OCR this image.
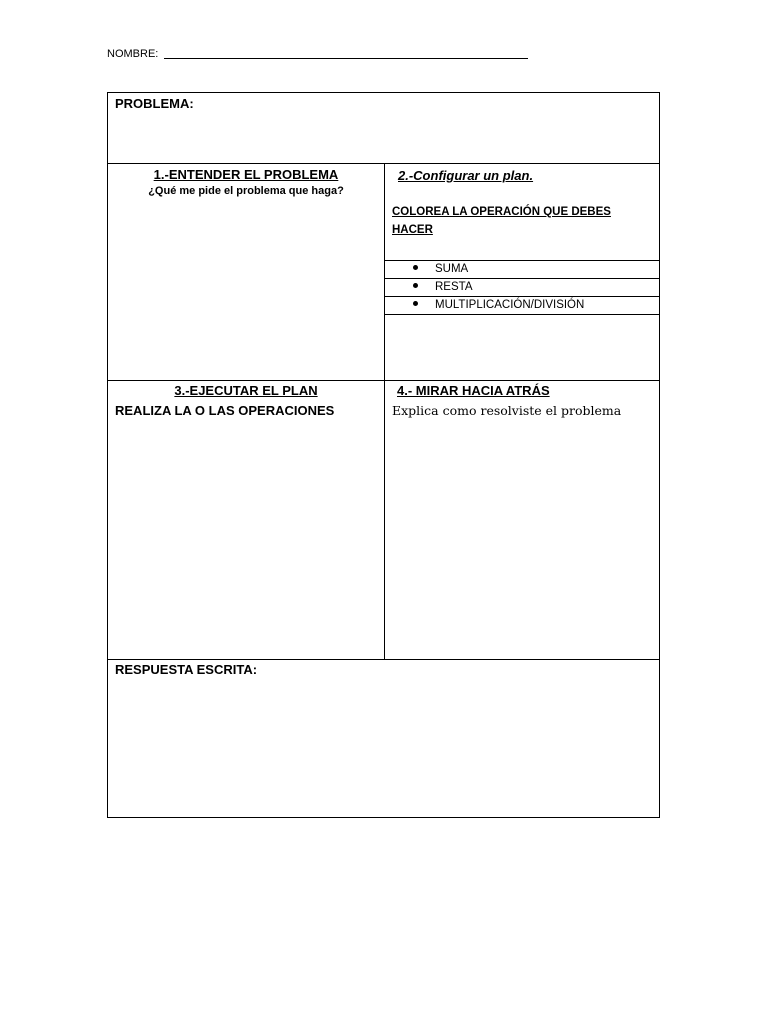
NOMBRE:
PROBLEMA:
1.-ENTENDER EL PROBLEMA
¿Qué me pide el problema que haga?
2.-Configurar un plan.
COLOREA LA OPERACIÓN QUE DEBES
HACER
SUMA
RESTA
MULTIPLICACIÓN/DIVISIÓN
3.-EJECUTAR EL PLAN
REALIZA LA O LAS OPERACIONES
4.- MIRAR HACIA ATRÁS
Explica como resolviste el problema
RESPUESTA ESCRITA:
